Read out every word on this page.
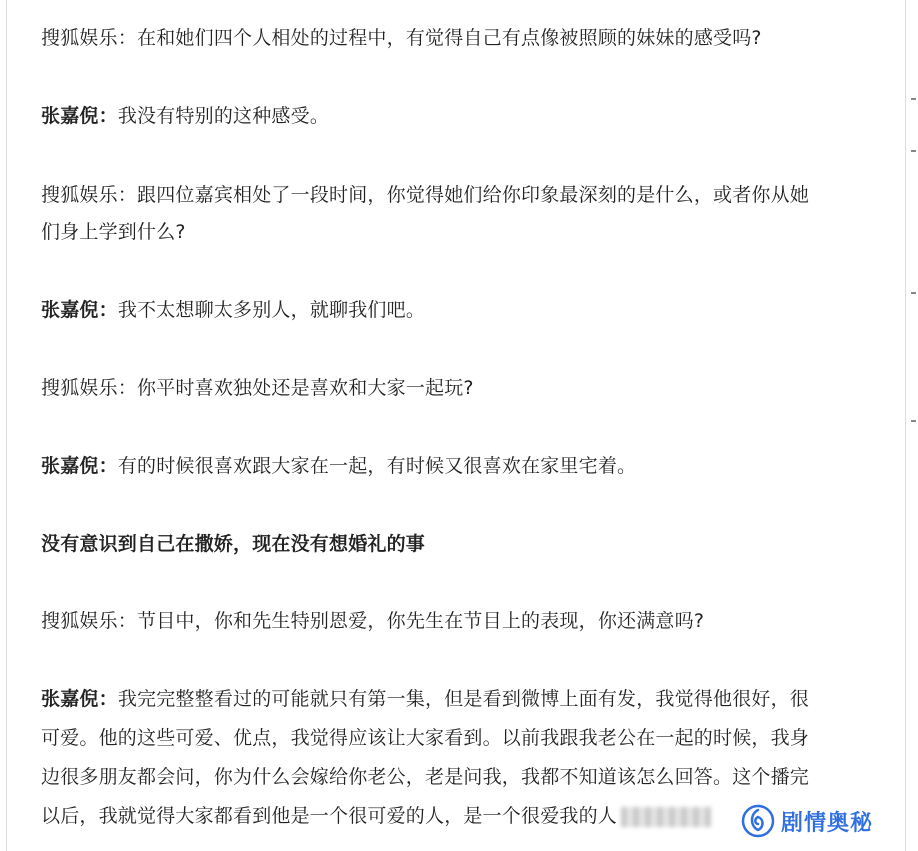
搜狐娱乐：在和她们四个人相处的过程中，有觉得自己有点像被照顾的妹妹的感受吗?
张嘉倪：我没有特别的这种感受。
搜狐娱乐：跟四位嘉宾相处了一段时间，你觉得她们给你印象最深刻的是什么，或者你从她
们身上学到什么?
张嘉倪：我不太想聊太多别人，就聊我们吧。
搜狐娱乐：你平时喜欢独处还是喜欢和大家一起玩?
张嘉倪：有的时候很喜欢跟大家在一起，有时候又很喜欢在家里宅着。
没有意识到自己在撒娇，现在没有想婚礼的事
搜狐娱乐：节目中，你和先生特别恩爱，你先生在节目上的表现，你还满意吗?
张嘉倪：我完完整整看过的可能就只有第一集，但是看到微博上面有发，我觉得他很好，很
可爱。他的这些可爱、优点，我觉得应该让大家看到。以前我跟我老公在一起的时候，我身
边很多朋友都会问，你为什么会嫁给你老公，老是问我，我都不知道该怎么回答。这个播完
以后，我就觉得大家都看到他是一个很可爱的人，是一个很爱我的人	剧情奥秘
